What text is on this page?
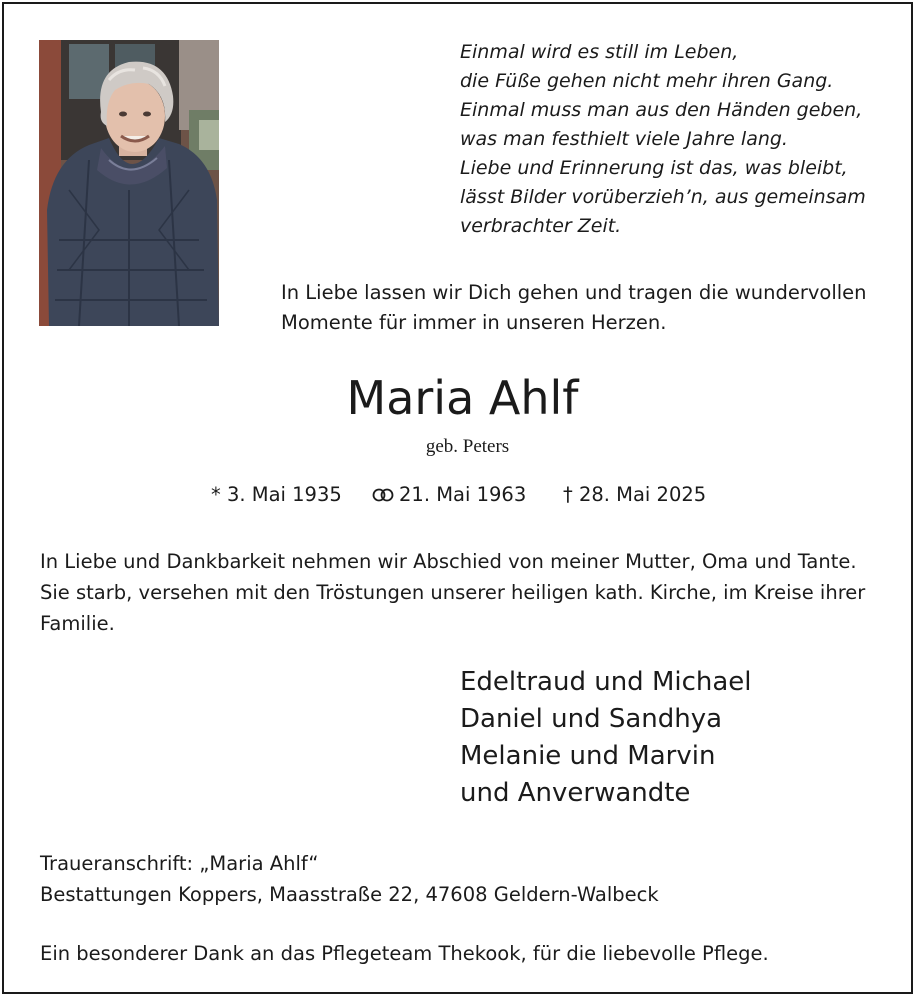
Einmal wird es still im Leben,
die Füße gehen nicht mehr ihren Gang.
Einmal muss man aus den Händen geben,
was man festhielt viele Jahre lang.
Liebe und Erinnerung ist das, was bleibt,
lässt Bilder vorüberzieh’n, aus gemeinsam
verbrachter Zeit.
In Liebe lassen wir Dich gehen und tragen die wundervollen
Momente für immer in unseren Herzen.
Maria Ahlf
geb. Peters
* 3. Mai 1935	21. Mai 1963 † 28. Mai 2025
In Liebe und Dankbarkeit nehmen wir Abschied von meiner Mutter, Oma und Tante.
Sie starb, versehen mit den Tröstungen unserer heiligen kath. Kirche, im Kreise ihrer
Familie.
Edeltraud und Michael
Daniel und Sandhya
Melanie und Marvin
und Anverwandte
Traueranschrift: „Maria Ahlf“
Bestattungen Koppers, Maasstraße 22, 47608 Geldern-Walbeck
Ein besonderer Dank an das Pflegeteam Thekook, für die liebevolle Pflege.
